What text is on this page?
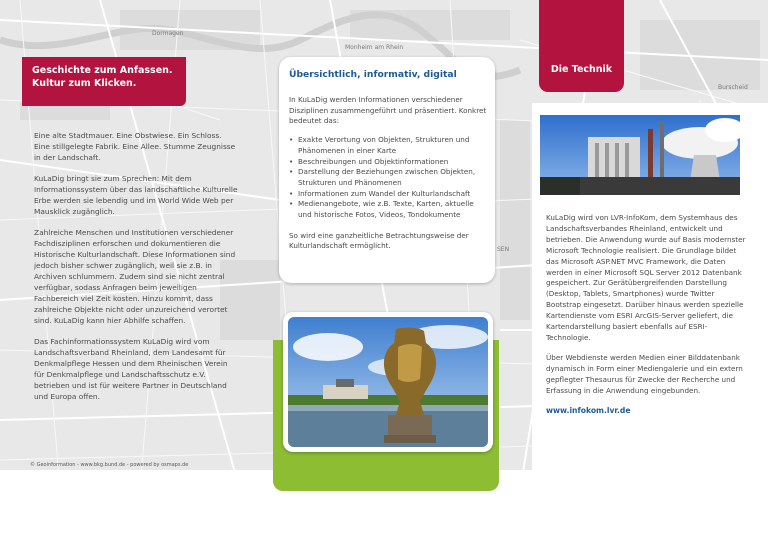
Dormagen
Monheim am Rhein
Burscheid
SEN
© Geoinformation - www.bkg.bund.de - powered by osmaps.de
Geschichte zum Anfassen.
Kultur zum Klicken.

Eine alte Stadtmauer. Eine Obstwiese. Ein Schloss. Eine stillgelegte Fabrik. Eine Allee. Stumme Zeugnisse in der Landschaft.

KuLaDig bringt sie zum Sprechen: Mit dem Informationssystem über das landschaftliche Kulturelle Erbe werden sie lebendig und im World Wide Web per Mausklick zugänglich.

Zahlreiche Menschen und Institutionen verschiedener Fachdisziplinen erforschen und dokumentieren die Historische Kulturlandschaft. Diese Informationen sind jedoch bisher schwer zugänglich, weil sie z.B. in Archiven schlummern. Zudem sind sie nicht zentral verfügbar, sodass Anfragen beim jeweiligen Fachbereich viel Zeit kosten. Hinzu kommt, dass zahlreiche Objekte nicht oder unzureichend verortet sind. KuLaDig kann hier Abhilfe schaffen.

Das Fachinformationssystem KuLaDig wird vom Landschaftsverband Rheinland, dem Landesamt für Denkmalpflege Hessen und dem Rheinischen Verein für Denkmalpflege und Landschaftsschutz e.V. betrieben und ist für weitere Partner in Deutschland und Europa offen.

Übersichtlich, informativ, digital

In KuLaDig werden Informationen verschiedener Disziplinen zusammengeführt und präsentiert. Konkret bedeutet das:

• Exakte Verortung von Objekten, Strukturen und Phänomenen in einer Karte
• Beschreibungen und Objektinformationen
• Darstellung der Beziehungen zwischen Objekten, Strukturen und Phänomenen
• Informationen zum Wandel der Kulturlandschaft
• Medienangebote, wie z.B. Texte, Karten, aktuelle und historische Fotos, Videos, Tondokumente

So wird eine ganzheitliche Betrachtungsweise der Kulturlandschaft ermöglicht.

Die Technik

KuLaDig wird von LVR-InfoKom, dem Systemhaus des Landschaftsverbandes Rheinland, entwickelt und betrieben. Die Anwendung wurde auf Basis modernster Microsoft Technologie realisiert. Die Grundlage bildet das Microsoft ASP.NET MVC Framework, die Daten werden in einer Microsoft SQL Server 2012 Datenbank gespeichert. Zur Gerätübergreifenden Darstellung (Desktop, Tablets, Smartphones) wurde Twitter Bootstrap eingesetzt. Darüber hinaus werden spezielle Kartendienste vom ESRI ArcGIS-Server geliefert, die Kartendarstellung basiert ebenfalls auf ESRI-Technologie.

Über Webdienste werden Medien einer Bilddatenbank dynamisch in Form einer Mediengalerie und ein extern gepflegter Thesaurus für Zwecke der Recherche und Erfassung in die Anwendung eingebunden.

www.infokom.lvr.de
